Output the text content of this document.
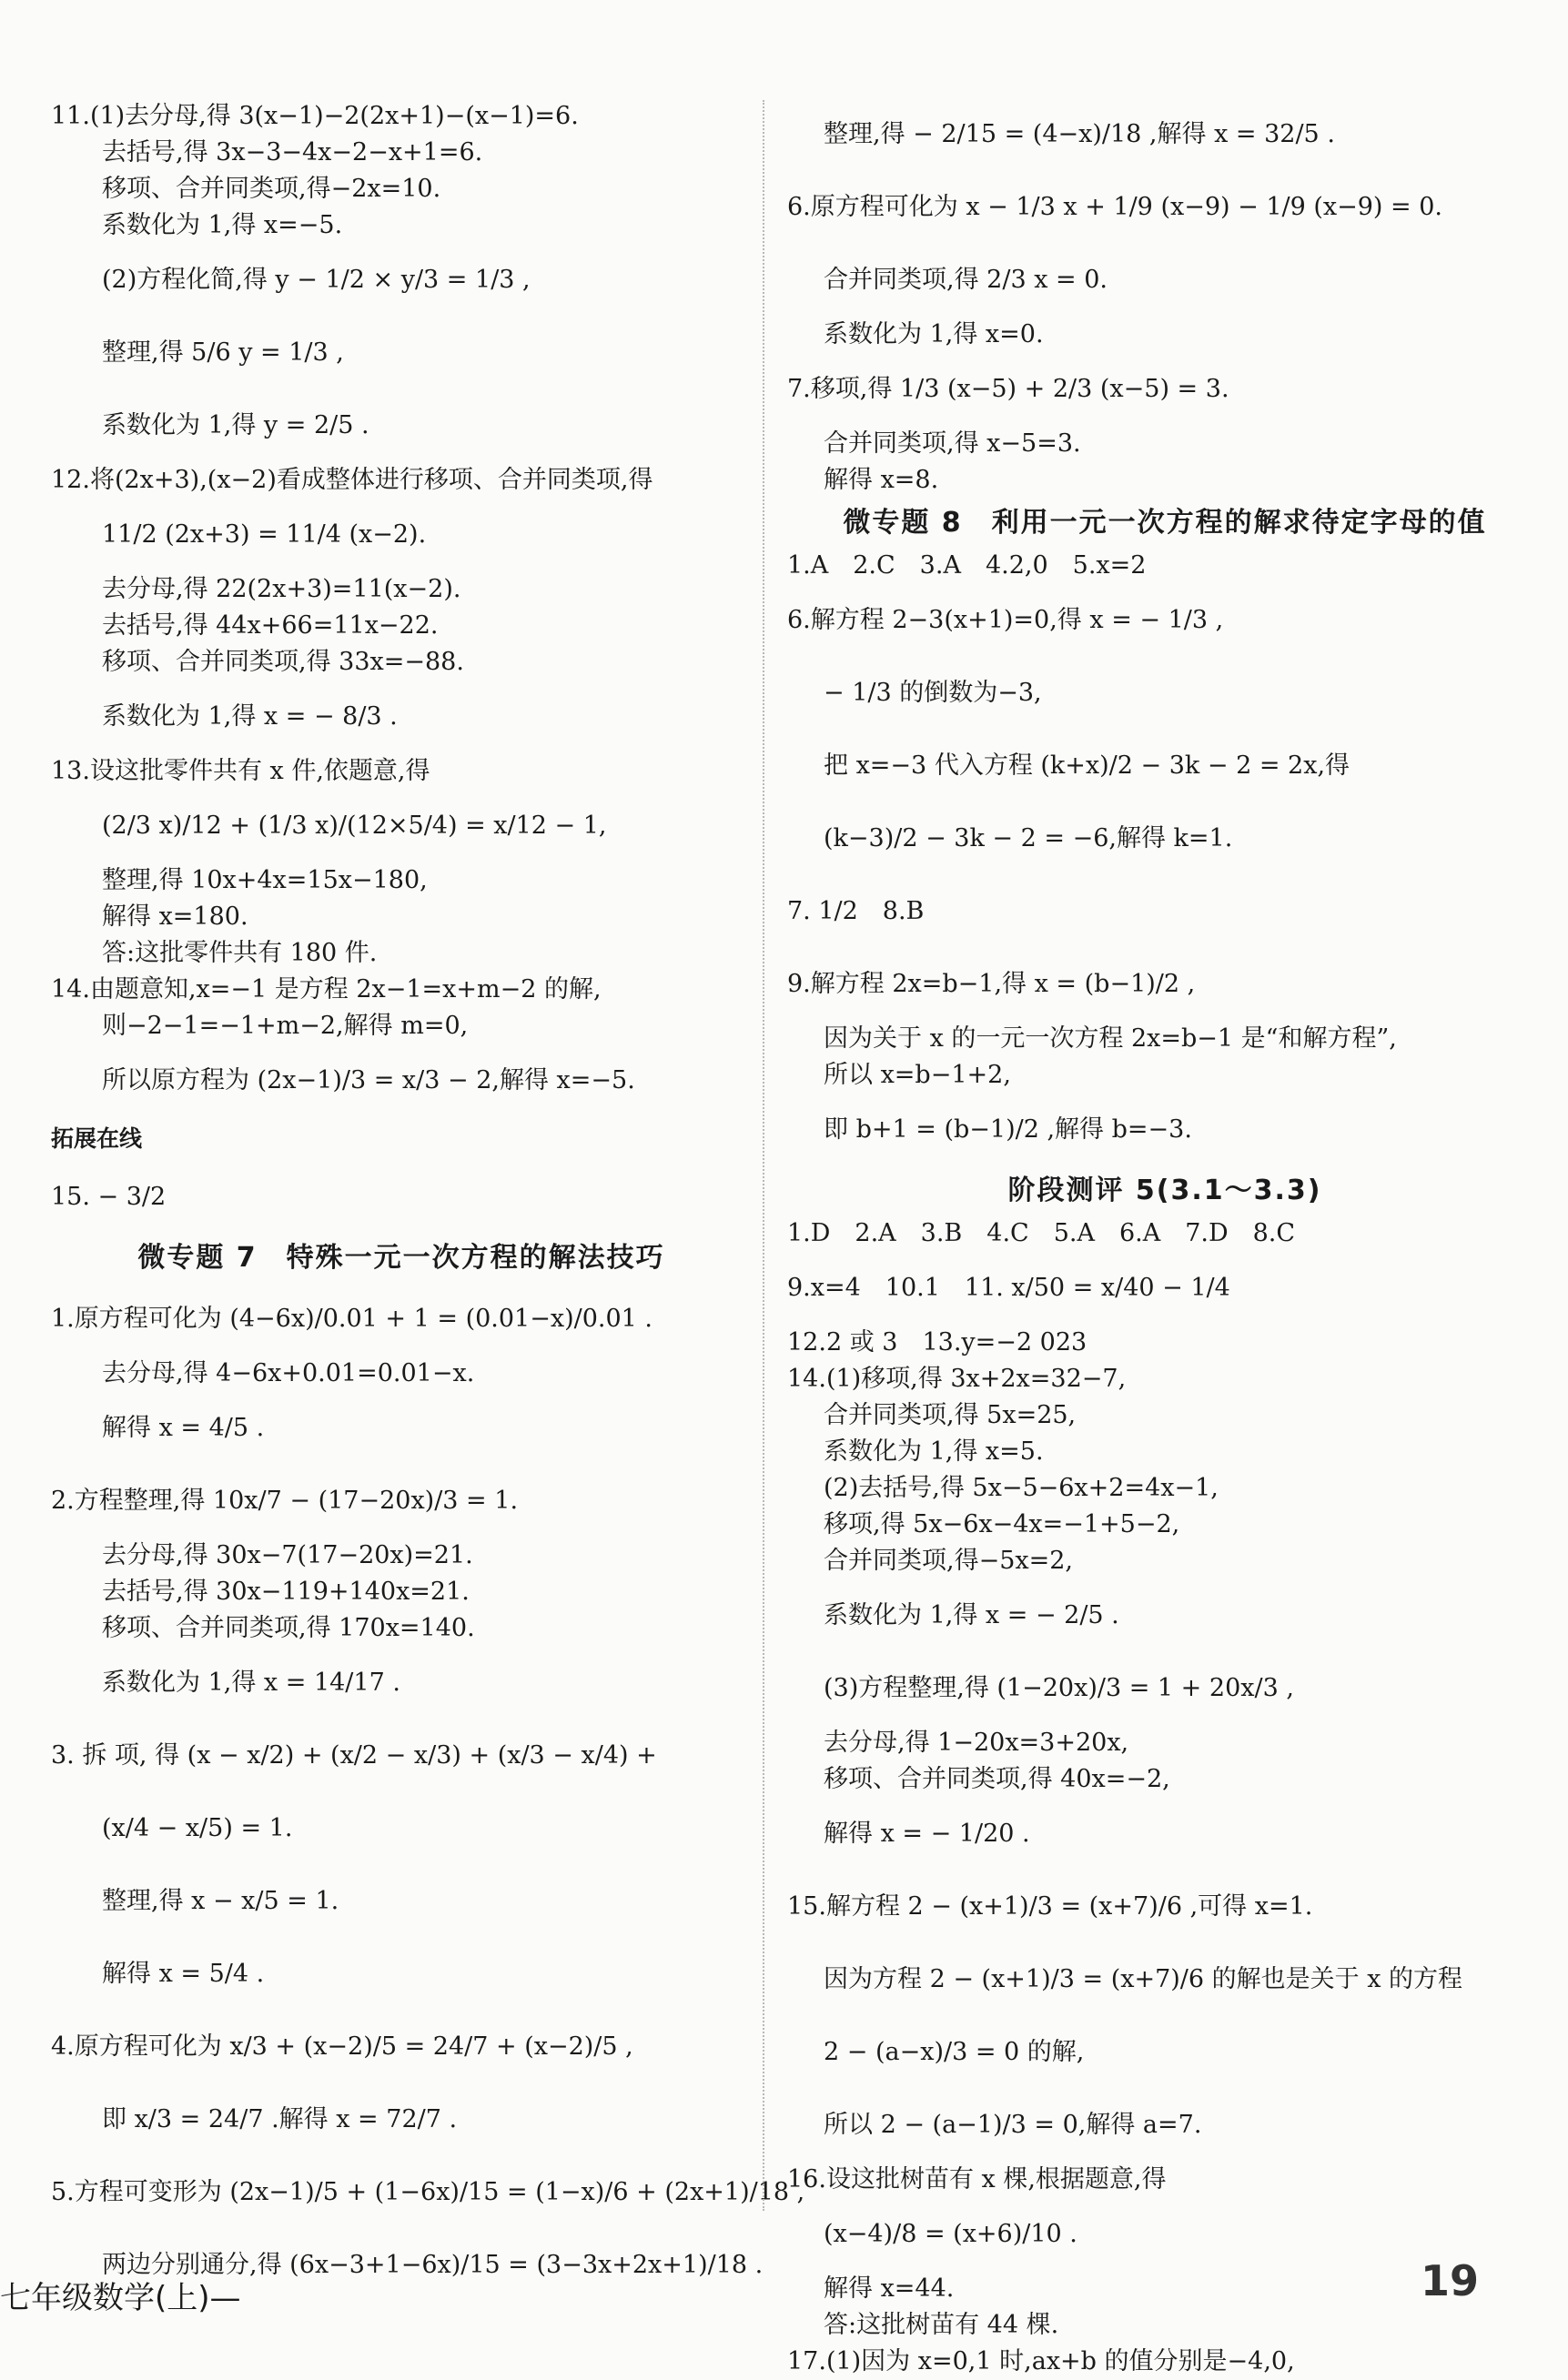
11.(1)去分母,得 3(x−1)−2(2x+1)−(x−1)=6.

去括号,得 3x−3−4x−2−x+1=6.

移项、合并同类项,得−2x=10.

系数化为 1,得 x=−5.

(2)方程化简,得 y − 1/2 × y/3 = 1/3 ,

整理,得 5/6 y = 1/3 ,

系数化为 1,得 y = 2/5 .

12.将(2x+3),(x−2)看成整体进行移项、合并同类项,得

11/2 (2x+3) = 11/4 (x−2).

去分母,得 22(2x+3)=11(x−2).

去括号,得 44x+66=11x−22.

移项、合并同类项,得 33x=−88.

系数化为 1,得 x = − 8/3 .

13.设这批零件共有 x 件,依题意,得

(2/3 x)/12 + (1/3 x)/(12×5/4) = x/12 − 1,

整理,得 10x+4x=15x−180,

解得 x=180.

答:这批零件共有 180 件.

14.由题意知,x=−1 是方程 2x−1=x+m−2 的解,

则−2−1=−1+m−2,解得 m=0,

所以原方程为 (2x−1)/3 = x/3 − 2,解得 x=−5.

拓展在线

15. − 3/2

微专题 7　特殊一元一次方程的解法技巧

1.原方程可化为 (4−6x)/0.01 + 1 = (0.01−x)/0.01 .

去分母,得 4−6x+0.01=0.01−x.

解得 x = 4/5 .

2.方程整理,得 10x/7 − (17−20x)/3 = 1.

去分母,得 30x−7(17−20x)=21.

去括号,得 30x−119+140x=21.

移项、合并同类项,得 170x=140.

系数化为 1,得 x = 14/17 .

3. 拆 项, 得 (x − x/2) + (x/2 − x/3) + (x/3 − x/4) +

(x/4 − x/5) = 1.

整理,得 x − x/5 = 1.

解得 x = 5/4 .

4.原方程可化为 x/3 + (x−2)/5 = 24/7 + (x−2)/5 ,

即 x/3 = 24/7 .解得 x = 72/7 .

5.方程可变形为 (2x−1)/5 + (1−6x)/15 = (1−x)/6 + (2x+1)/18 ,

两边分别通分,得 (6x−3+1−6x)/15 = (3−3x+2x+1)/18 .

整理,得 − 2/15 = (4−x)/18 ,解得 x = 32/5 .

6.原方程可化为 x − 1/3 x + 1/9 (x−9) − 1/9 (x−9) = 0.

合并同类项,得 2/3 x = 0.

系数化为 1,得 x=0.

7.移项,得 1/3 (x−5) + 2/3 (x−5) = 3.

合并同类项,得 x−5=3.

解得 x=8.

微专题 8　利用一元一次方程的解求待定字母的值

1.A　2.C　3.A　4.2,0　5.x=2

6.解方程 2−3(x+1)=0,得 x = − 1/3 ,

− 1/3 的倒数为−3,

把 x=−3 代入方程 (k+x)/2 − 3k − 2 = 2x,得

(k−3)/2 − 3k − 2 = −6,解得 k=1.

7. 1/2　8.B

9.解方程 2x=b−1,得 x = (b−1)/2 ,

因为关于 x 的一元一次方程 2x=b−1 是“和解方程”,

所以 x=b−1+2,

即 b+1 = (b−1)/2 ,解得 b=−3.

阶段测评 5(3.1～3.3)

1.D　2.A　3.B　4.C　5.A　6.A　7.D　8.C

9.x=4　10.1　11. x/50 = x/40 − 1/4

12.2 或 3　13.y=−2 023

14.(1)移项,得 3x+2x=32−7,

合并同类项,得 5x=25,

系数化为 1,得 x=5.

(2)去括号,得 5x−5−6x+2=4x−1,

移项,得 5x−6x−4x=−1+5−2,

合并同类项,得−5x=2,

系数化为 1,得 x = − 2/5 .

(3)方程整理,得 (1−20x)/3 = 1 + 20x/3 ,

去分母,得 1−20x=3+20x,

移项、合并同类项,得 40x=−2,

解得 x = − 1/20 .

15.解方程 2 − (x+1)/3 = (x+7)/6 ,可得 x=1.

因为方程 2 − (x+1)/3 = (x+7)/6 的解也是关于 x 的方程

2 − (a−x)/3 = 0 的解,

所以 2 − (a−1)/3 = 0,解得 a=7.

16.设这批树苗有 x 棵,根据题意,得

(x−4)/8 = (x+6)/10 .

解得 x=44.

答:这批树苗有 44 棵.

17.(1)因为 x=0,1 时,ax+b 的值分别是−4,0,

七年级数学(上)—	19
